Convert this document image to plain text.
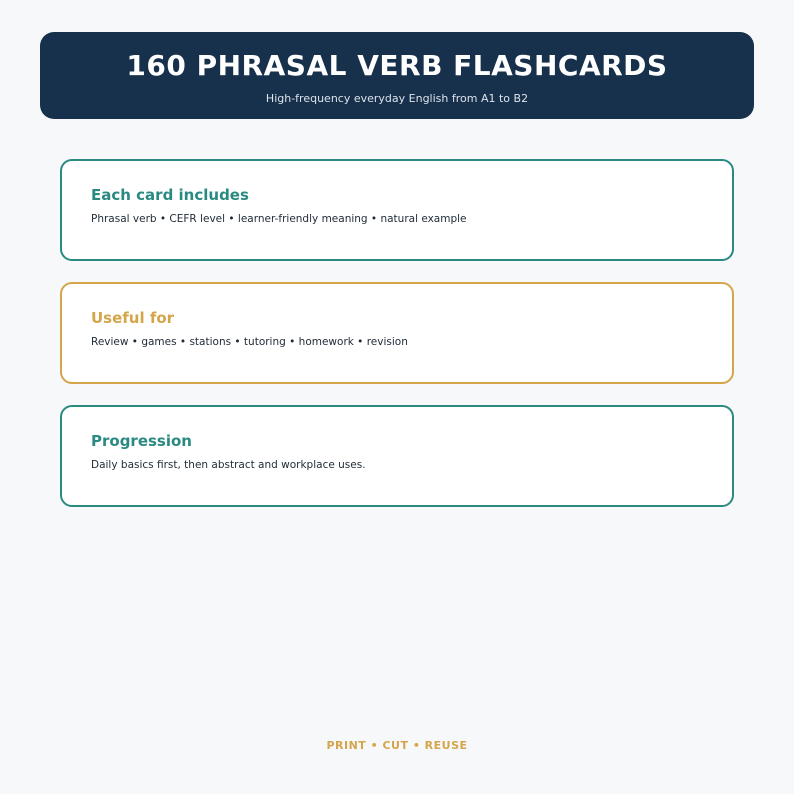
160 PHRASAL VERB FLASHCARDS
High-frequency everyday English from A1 to B2
Each card includes
Phrasal verb • CEFR level • learner-friendly meaning • natural example
Useful for
Review • games • stations • tutoring • homework • revision
Progression
Daily basics first, then abstract and workplace uses.
PRINT • CUT • REUSE
